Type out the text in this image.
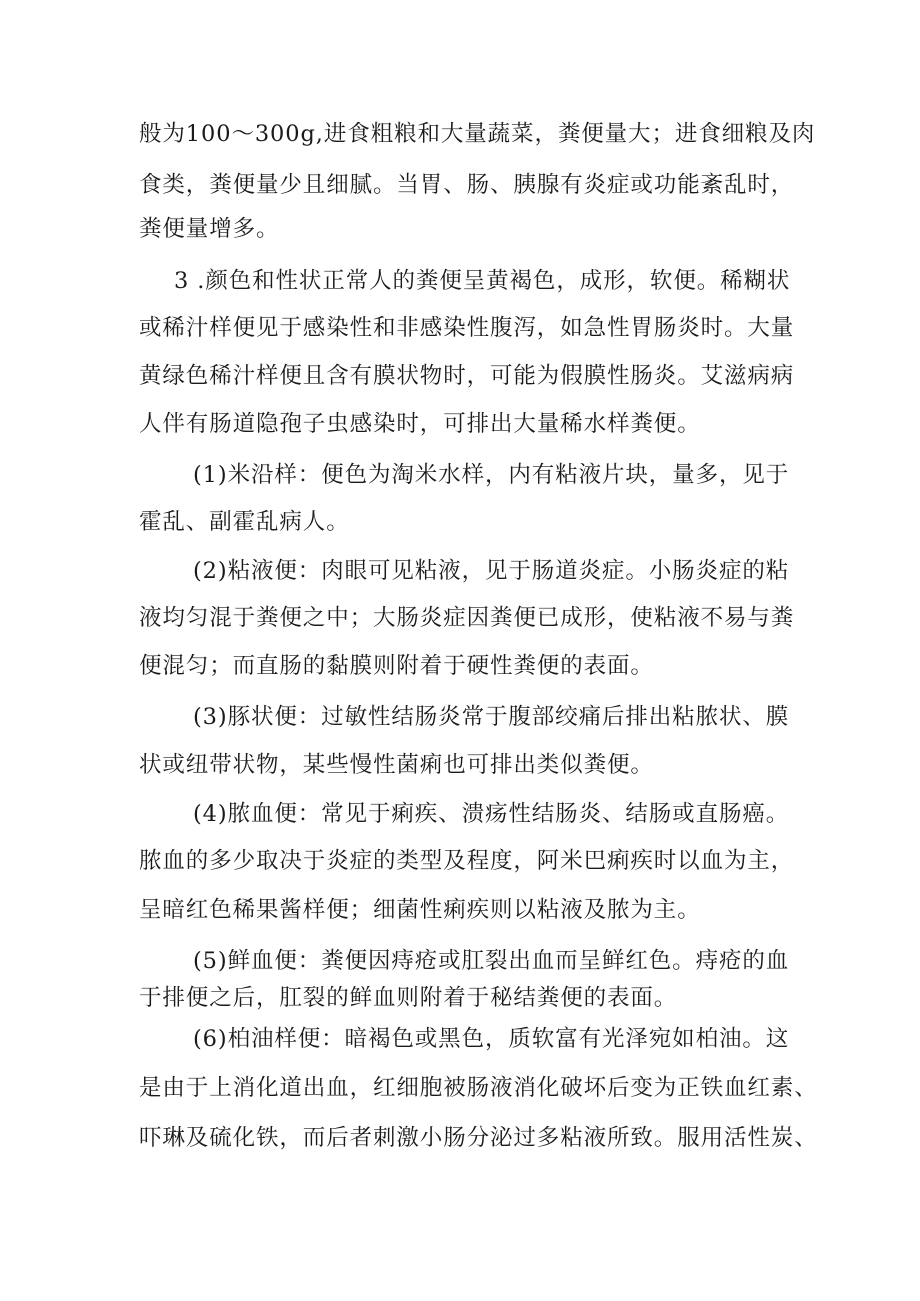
般为100～300g,进食粗粮和大量蔬菜，粪便量大；进食细粮及肉
食类，粪便量少且细腻。当胃、肠、胰腺有炎症或功能紊乱时，
粪便量增多。
3 .颜色和性状正常人的粪便呈黄褐色，成形，软便。稀糊状
或稀汁样便见于感染性和非感染性腹泻，如急性胃肠炎时。大量
黄绿色稀汁样便且含有膜状物时，可能为假膜性肠炎。艾滋病病
人伴有肠道隐孢子虫感染时，可排出大量稀水样粪便。
(1)米沿样：便色为淘米水样，内有粘液片块，量多，见于
霍乱、副霍乱病人。
(2)粘液便：肉眼可见粘液，见于肠道炎症。小肠炎症的粘
液均匀混于粪便之中；大肠炎症因粪便已成形，使粘液不易与粪
便混匀；而直肠的黏膜则附着于硬性粪便的表面。
(3)豚状便：过敏性结肠炎常于腹部绞痛后排出粘脓状、膜
状或纽带状物，某些慢性菌痢也可排出类似粪便。
(4)脓血便：常见于痢疾、溃疡性结肠炎、结肠或直肠癌。
脓血的多少取决于炎症的类型及程度，阿米巴痢疾时以血为主，
呈暗红色稀果酱样便；细菌性痢疾则以粘液及脓为主。
(5)鲜血便：粪便因痔疮或肛裂出血而呈鲜红色。痔疮的血
于排便之后，肛裂的鲜血则附着于秘结粪便的表面。
(6)柏油样便：暗褐色或黑色，质软富有光泽宛如柏油。这
是由于上消化道出血，红细胞被肠液消化破坏后变为正铁血红素、
吓琳及硫化铁，而后者刺激小肠分泌过多粘液所致。服用活性炭、
